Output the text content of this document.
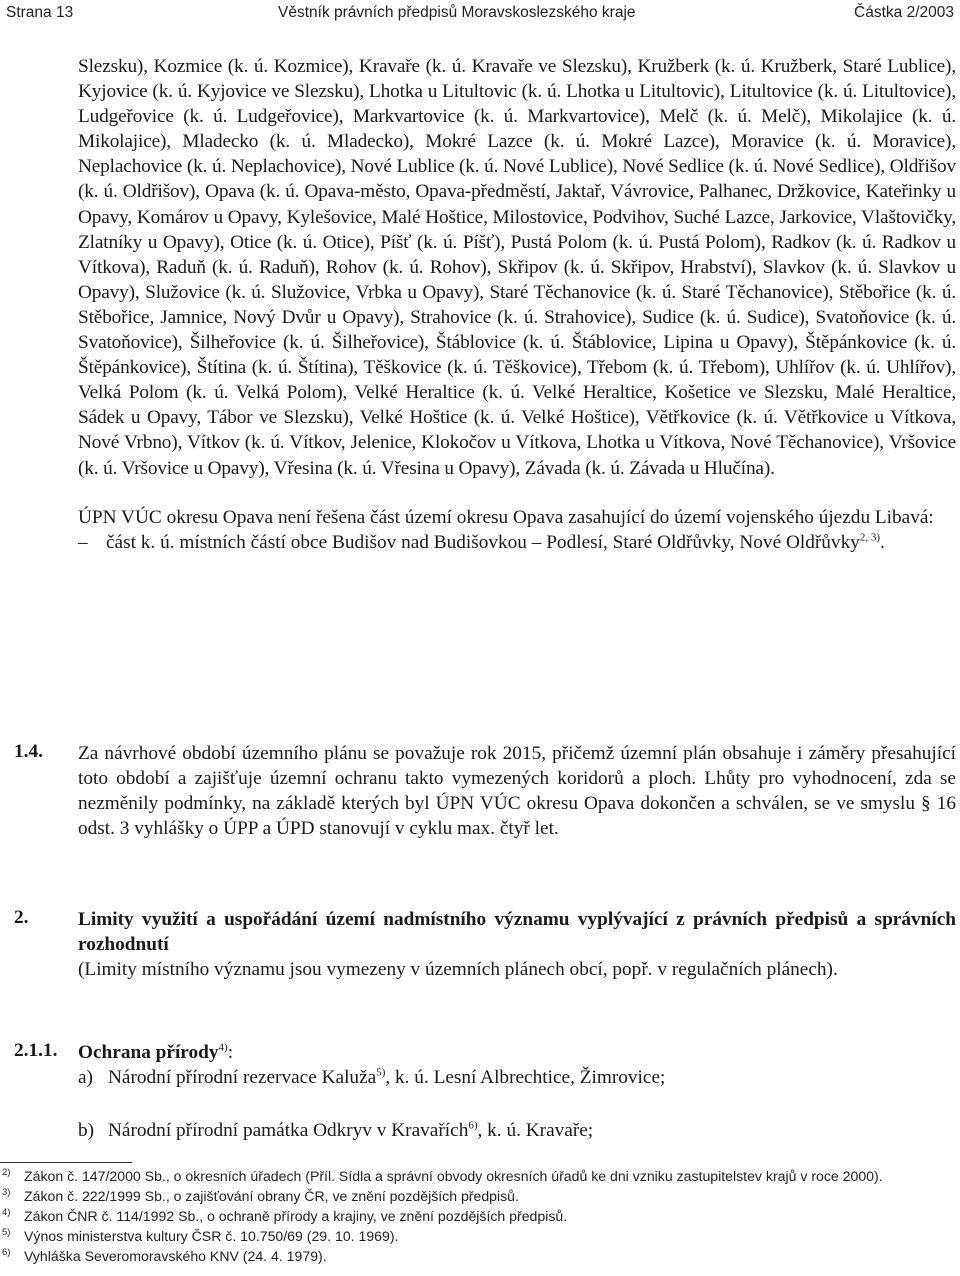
Strana 13	Věstník právních předpisů Moravskoslezského kraje	Částka 2/2003

Slezsku), Kozmice (k. ú. Kozmice), Kravaře (k. ú. Kravaře ve Slezsku), Kružberk (k. ú. Kružberk, Staré Lublice), Kyjovice (k. ú. Kyjovice ve Slezsku), Lhotka u Litultovic (k. ú. Lhotka u Litultovic), Litultovice (k. ú. Litultovice), Ludgeřovice (k. ú. Ludgeřovice), Markvartovice (k. ú. Markvartovice), Melč (k. ú. Melč), Mikolajice (k. ú. Mikolajice), Mladecko (k. ú. Mladecko), Mokré Lazce (k. ú. Mokré Lazce), Moravice (k. ú. Moravice), Neplachovice (k. ú. Neplachovice), Nové Lublice (k. ú. Nové Lublice), Nové Sedlice (k. ú. Nové Sedlice), Oldřišov (k. ú. Oldřišov), Opava (k. ú. Opava-město, Opava-předměstí, Jaktař, Vávrovice, Palhanec, Držkovice, Kateřinky u Opavy, Komárov u Opavy, Kylešovice, Malé Hoštice, Milostovice, Podvihov, Suché Lazce, Jarkovice, Vlaštovičky, Zlatníky u Opavy), Otice (k. ú. Otice), Píšť (k. ú. Píšť), Pustá Polom (k. ú. Pustá Polom), Radkov (k. ú. Radkov u Vítkova), Raduň (k. ú. Raduň), Rohov (k. ú. Rohov), Skřipov (k. ú. Skřipov, Hrabství), Slavkov (k. ú. Slavkov u Opavy), Služovice (k. ú. Služovice, Vrbka u Opavy), Staré Těchanovice (k. ú. Staré Těchanovice), Stěbořice (k. ú. Stěbořice, Jamnice, Nový Dvůr u Opavy), Strahovice (k. ú. Strahovice), Sudice (k. ú. Sudice), Svatoňovice (k. ú. Svatoňovice), Šilheřovice (k. ú. Šilheřovice), Štáblovice (k. ú. Štáblovice, Lipina u Opavy), Štěpánkovice (k. ú. Štěpánkovice), Štítina (k. ú. Štítina), Těškovice (k. ú. Těškovice), Třebom (k. ú. Třebom), Uhlířov (k. ú. Uhlířov), Velká Polom (k. ú. Velká Polom), Velké Heraltice (k. ú. Velké Heraltice, Košetice ve Slezsku, Malé Heraltice, Sádek u Opavy, Tábor ve Slezsku), Velké Hoštice (k. ú. Velké Hoštice), Větřkovice (k. ú. Větřkovice u Vítkova, Nové Vrbno), Vítkov (k. ú. Vítkov, Jelenice, Klokočov u Vítkova, Lhotka u Vítkova, Nové Těchanovice), Vršovice (k. ú. Vršovice u Opavy), Vřesina (k. ú. Vřesina u Opavy), Závada (k. ú. Závada u Hlučína).

ÚPN VÚC okresu Opava není řešena část území okresu Opava zasahující do území vojenského újezdu Libavá:

– část k. ú. místních částí obce Budišov nad Budišovkou – Podlesí, Staré Oldřůvky, Nové Oldřůvky$^{2, 3)}$.

1.4. Za návrhové období územního plánu se považuje rok 2015, přičemž územní plán obsahuje i záměry přesahující toto období a zajišťuje územní ochranu takto vymezených koridorů a ploch. Lhůty pro vyhodnocení, zda se nezměnily podmínky, na základě kterých byl ÚPN VÚC okresu Opava dokončen a schválen, se ve smyslu § 16 odst. 3 vyhlášky o ÚPP a ÚPD stanovují v cyklu max. čtyř let.
2.	Limity využití a uspořádání území nadmístního významu vyplývající z právních předpisů a správních rozhodnutí
(Limity místního významu jsou vymezeny v územních plánech obcí, popř. v regulačních plánech).
2.1.1. Ochrana přírody$^{4)}$:
a) Národní přírodní rezervace Kaluža$^{5)}$, k. ú. Lesní Albrechtice, Žimrovice;
b) Národní přírodní památka Odkryv v Kravařích$^{6)}$, k. ú. Kravaře;
2) Zákon č. 147/2000 Sb., o okresních úřadech (Příl. Sídla a správní obvody okresních úřadů ke dni vzniku zastupitelstev krajů v roce 2000).
3) Zákon č. 222/1999 Sb., o zajišťování obrany ČR, ve znění pozdějších předpisů.
4) Zákon ČNR č. 114/1992 Sb., o ochraně přírody a krajiny, ve znění pozdějších předpisů.
5) Výnos ministerstva kultury ČSR č. 10.750/69 (29. 10. 1969).
6) Vyhláška Severomoravského KNV (24. 4. 1979).
